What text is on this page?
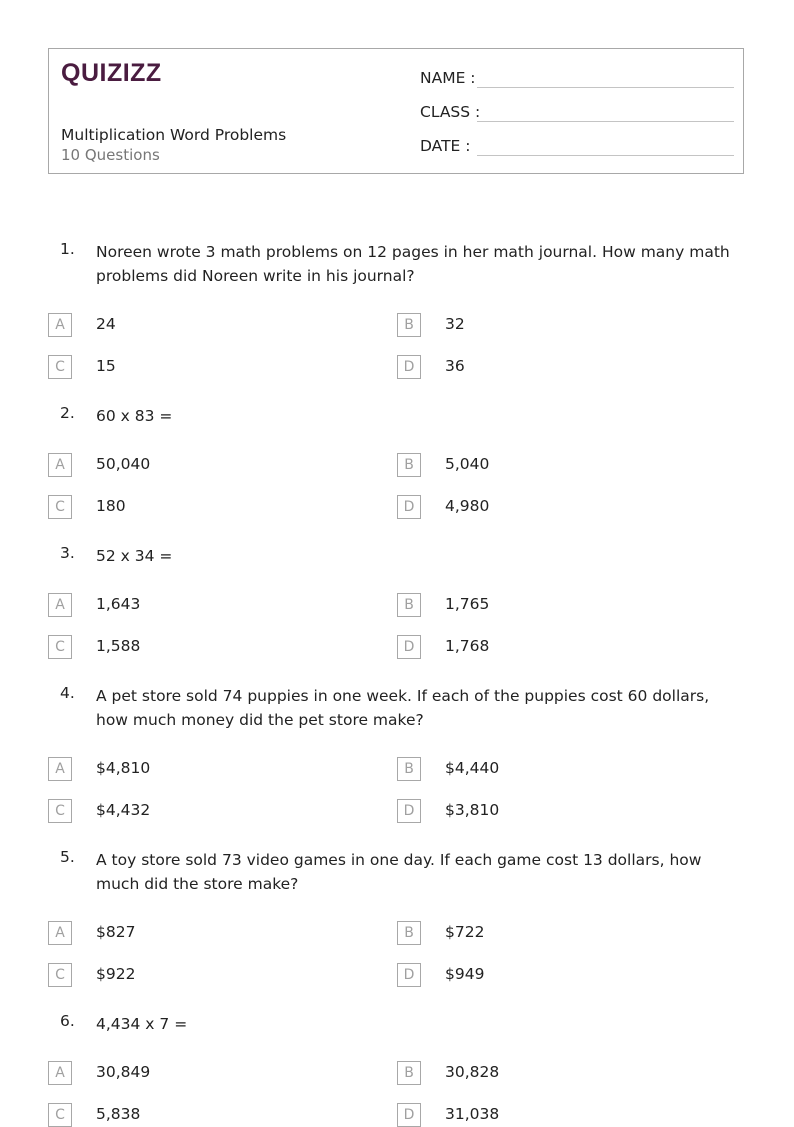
QUIZIZZ
Multiplication Word Problems
10 Questions
NAME :
CLASS :
DATE :
1. Noreen wrote 3 math problems on 12 pages in her math journal. How many math problems did Noreen write in his journal?
A	24	B	32
C	15	D	36
2. 60 x 83 =
A	50,040	B	5,040
C	180	D	4,980
3. 52 x 34 =
A	1,643	B	1,765
C	1,588	D	1,768
4. A pet store sold 74 puppies in one week. If each of the puppies cost 60 dollars, how much money did the pet store make?
A	$4,810	B	$4,440
C	$4,432	D	$3,810
5. A toy store sold 73 video games in one day. If each game cost 13 dollars, how much did the store make?
A	$827	B	$722
C	$922	D	$949
6. 4,434 x 7 =
A	30,849	B	30,828
C	5,838	D	31,038
